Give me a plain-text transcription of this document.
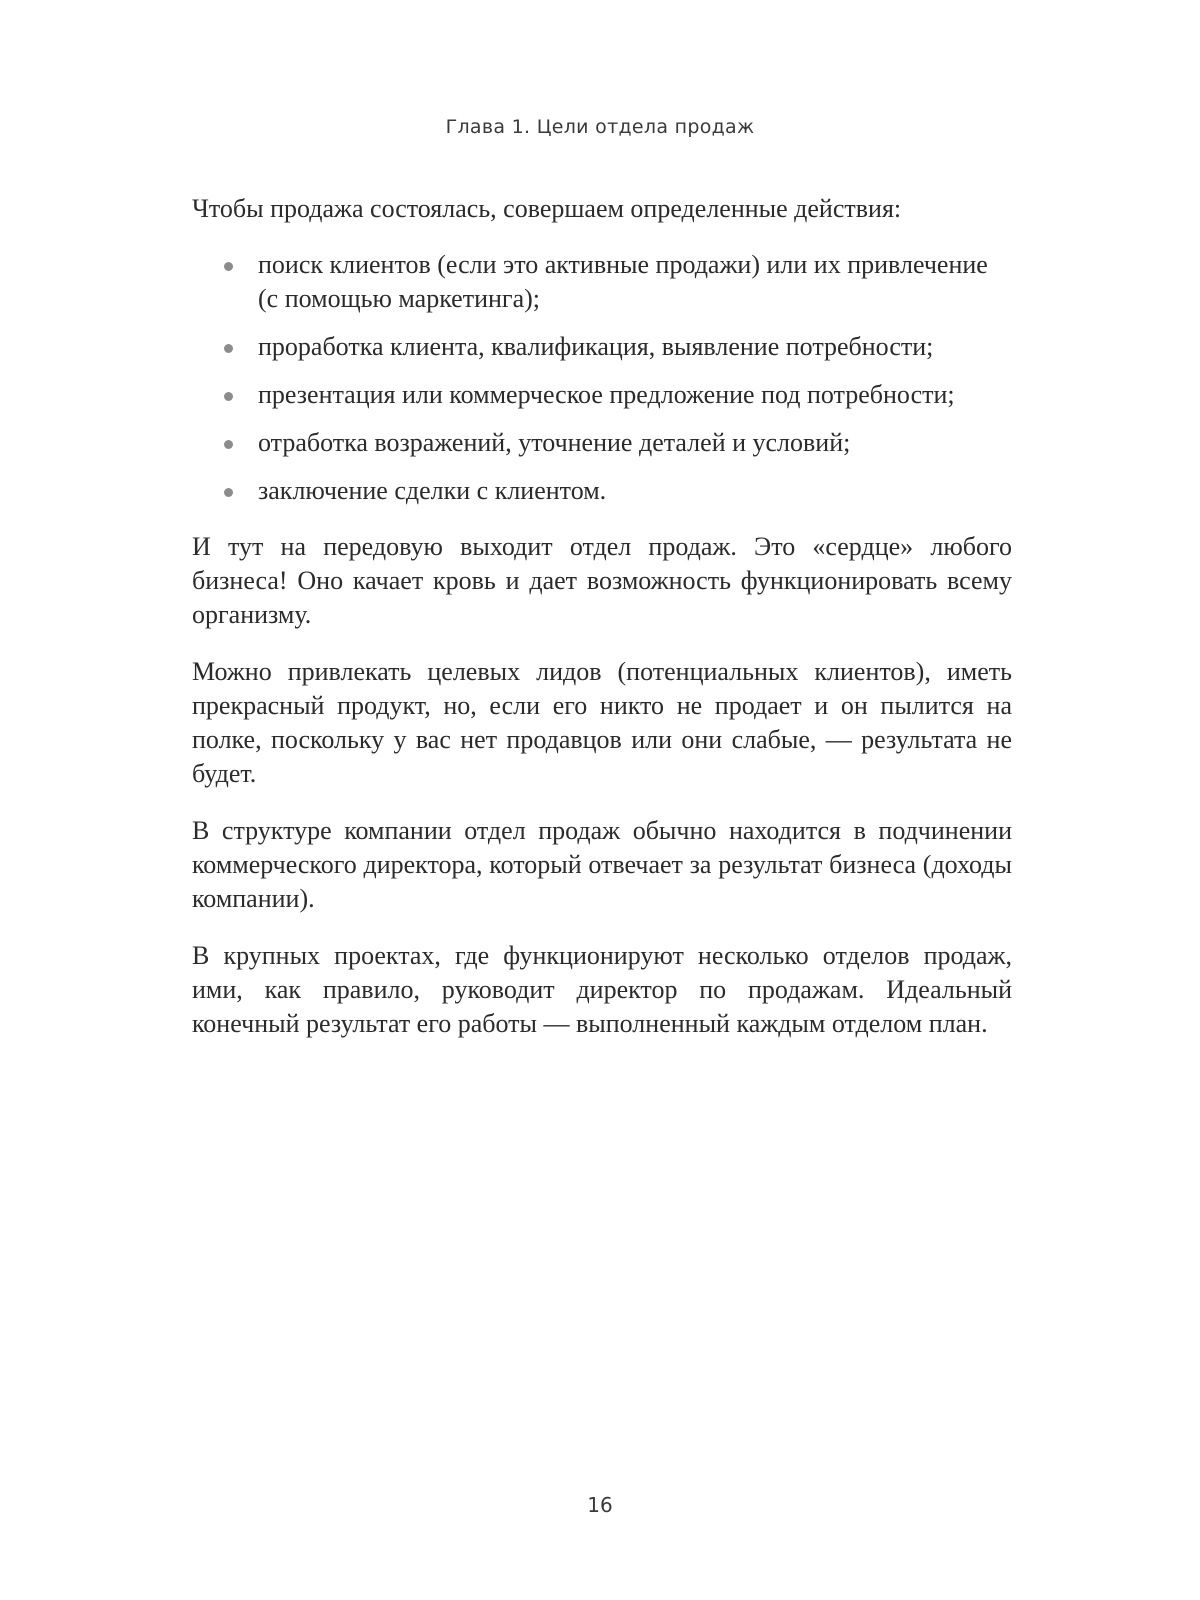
Глава 1. Цели отдела продаж

Чтобы продажа состоялась, совершаем определенные действия:

поиск клиентов (если это активные продажи) или их привлечение (с помощью маркетинга);
проработка клиента, квалификация, выявление потребности;
презентация или коммерческое предложение под потребности;
отработка возражений, уточнение деталей и условий;
заключение сделки с клиентом.

И тут на передовую выходит отдел продаж. Это «сердце» любого бизнеса! Оно качает кровь и дает возможность функционировать всему организму.

Можно привлекать целевых лидов (потенциальных клиентов), иметь прекрасный продукт, но, если его никто не продает и он пылится на полке, поскольку у вас нет продавцов или они слабые, — результата не будет.

В структуре компании отдел продаж обычно находится в подчинении коммерческого директора, который отвечает за результат бизнеса (доходы компании).

В крупных проектах, где функционируют несколько отделов продаж, ими, как правило, руководит директор по продажам. Идеальный конечный результат его работы — выполненный каждым отделом план.

16
